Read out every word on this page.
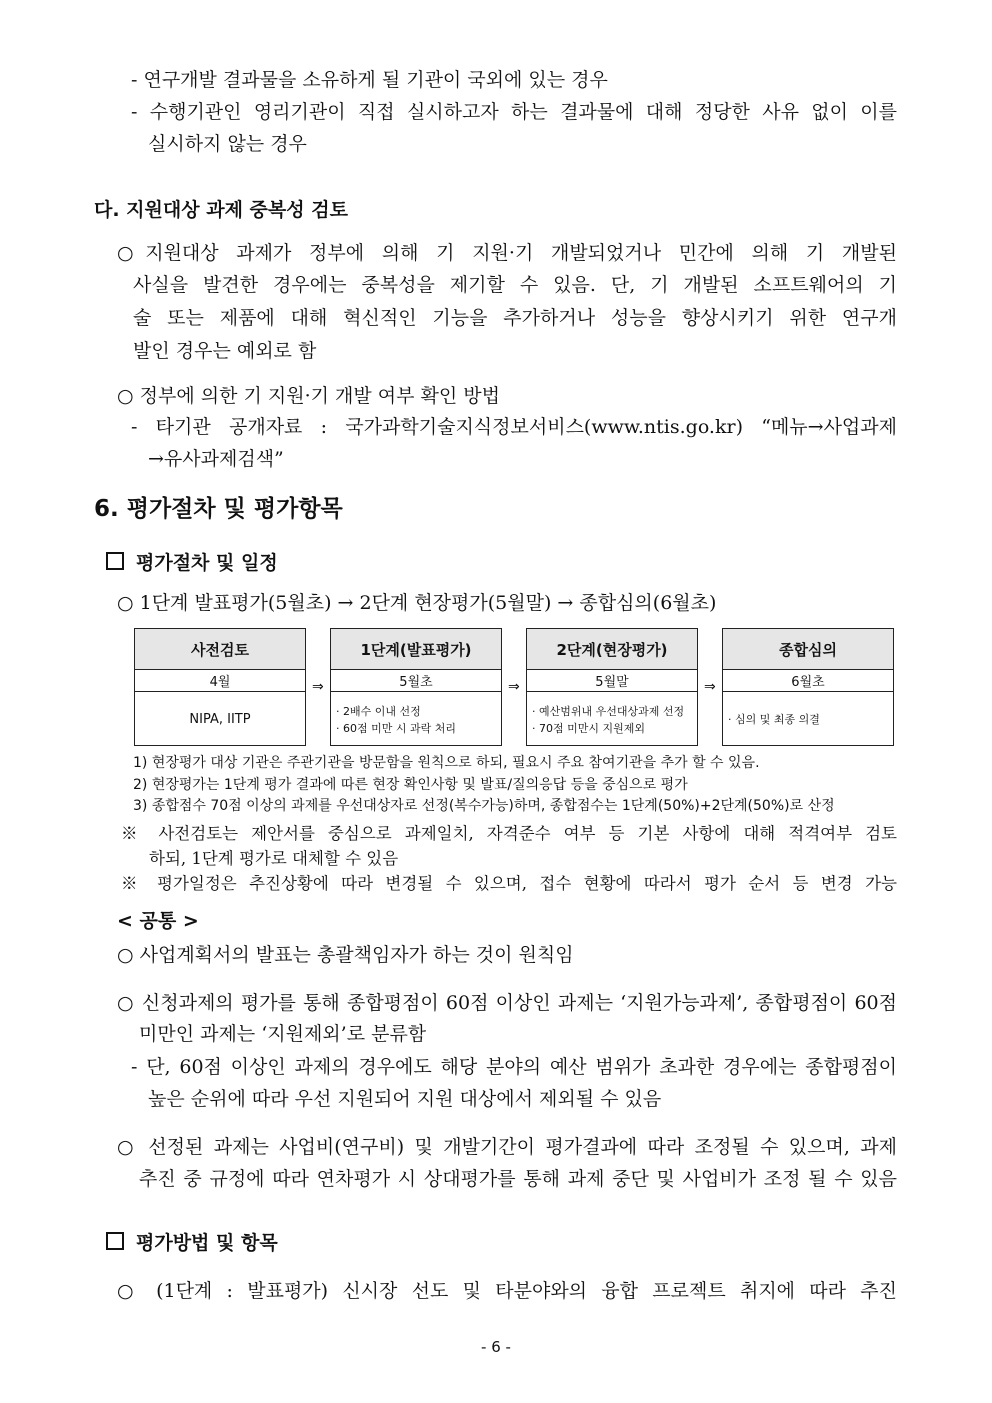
- 연구개발 결과물을 소유하게 될 기관이 국외에 있는 경우
- 수행기관인 영리기관이 직접 실시하고자 하는 결과물에 대해 정당한 사유 없이 이를
실시하지 않는 경우
다. 지원대상 과제 중복성 검토
○지원대상 과제가 정부에 의해 기 지원·기 개발되었거나 민간에 의해 기 개발된
사실을 발견한 경우에는 중복성을 제기할 수 있음. 단, 기 개발된 소프트웨어의 기
술 또는 제품에 대해 혁신적인 기능을 추가하거나 성능을 향상시키기 위한 연구개
발인 경우는 예외로 함
○ 정부에 의한 기 지원·기 개발 여부 확인 방법
- 타기관 공개자료 : 국가과학기술지식정보서비스(www.ntis.go.kr) “메뉴→사업과제
→유사과제검색”
6. 평가절차 및 평가항목
평가절차 및 일정
○ 1단계 발표평가(5월초) → 2단계 현장평가(5월말) → 종합심의(6월초)
사전검토
4월
NIPA, IITP
⇒
1단계(발표평가)
5월초
· 2배수 이내 선정
· 60점 미만 시 과락 처리
⇒
2단계(현장평가)
5월말
· 예산범위내 우선대상과제 선정
· 70점 미만시 지원제외
⇒
종합심의
6월초
· 심의 및 최종 의결
1) 현장평가 대상 기관은 주관기관을 방문함을 원칙으로 하되, 필요시 주요 참여기관을 추가 할 수 있음.
2) 현장평가는 1단계 평가 결과에 따른 현장 확인사항 및 발표/질의응답 등을 중심으로 평가
3) 종합점수 70점 이상의 과제를 우선대상자로 선정(복수가능)하며, 종합점수는 1단계(50%)+2단계(50%)로 산정
※ 사전검토는 제안서를 중심으로 과제일치, 자격준수 여부 등 기본 사항에 대해 적격여부 검토
하되, 1단계 평가로 대체할 수 있음
※ 평가일정은 추진상황에 따라 변경될 수 있으며, 접수 현황에 따라서 평가 순서 등 변경 가능
< 공통 >
○ 사업계획서의 발표는 총괄책임자가 하는 것이 원칙임
○ 신청과제의 평가를 통해 종합평점이 60점 이상인 과제는 ‘지원가능과제’, 종합평점이 60점
미만인 과제는 ‘지원제외’로 분류함
- 단, 60점 이상인 과제의 경우에도 해당 분야의 예산 범위가 초과한 경우에는 종합평점이
높은 순위에 따라 우선 지원되어 지원 대상에서 제외될 수 있음
○ 선정된 과제는 사업비(연구비) 및 개발기간이 평가결과에 따라 조정될 수 있으며, 과제
추진 중 규정에 따라 연차평가 시 상대평가를 통해 과제 중단 및 사업비가 조정 될 수 있음
평가방법 및 항목
○ (1단계 : 발표평가) 신시장 선도 및 타분야와의 융합 프로젝트 취지에 따라 추진
- 6 -
